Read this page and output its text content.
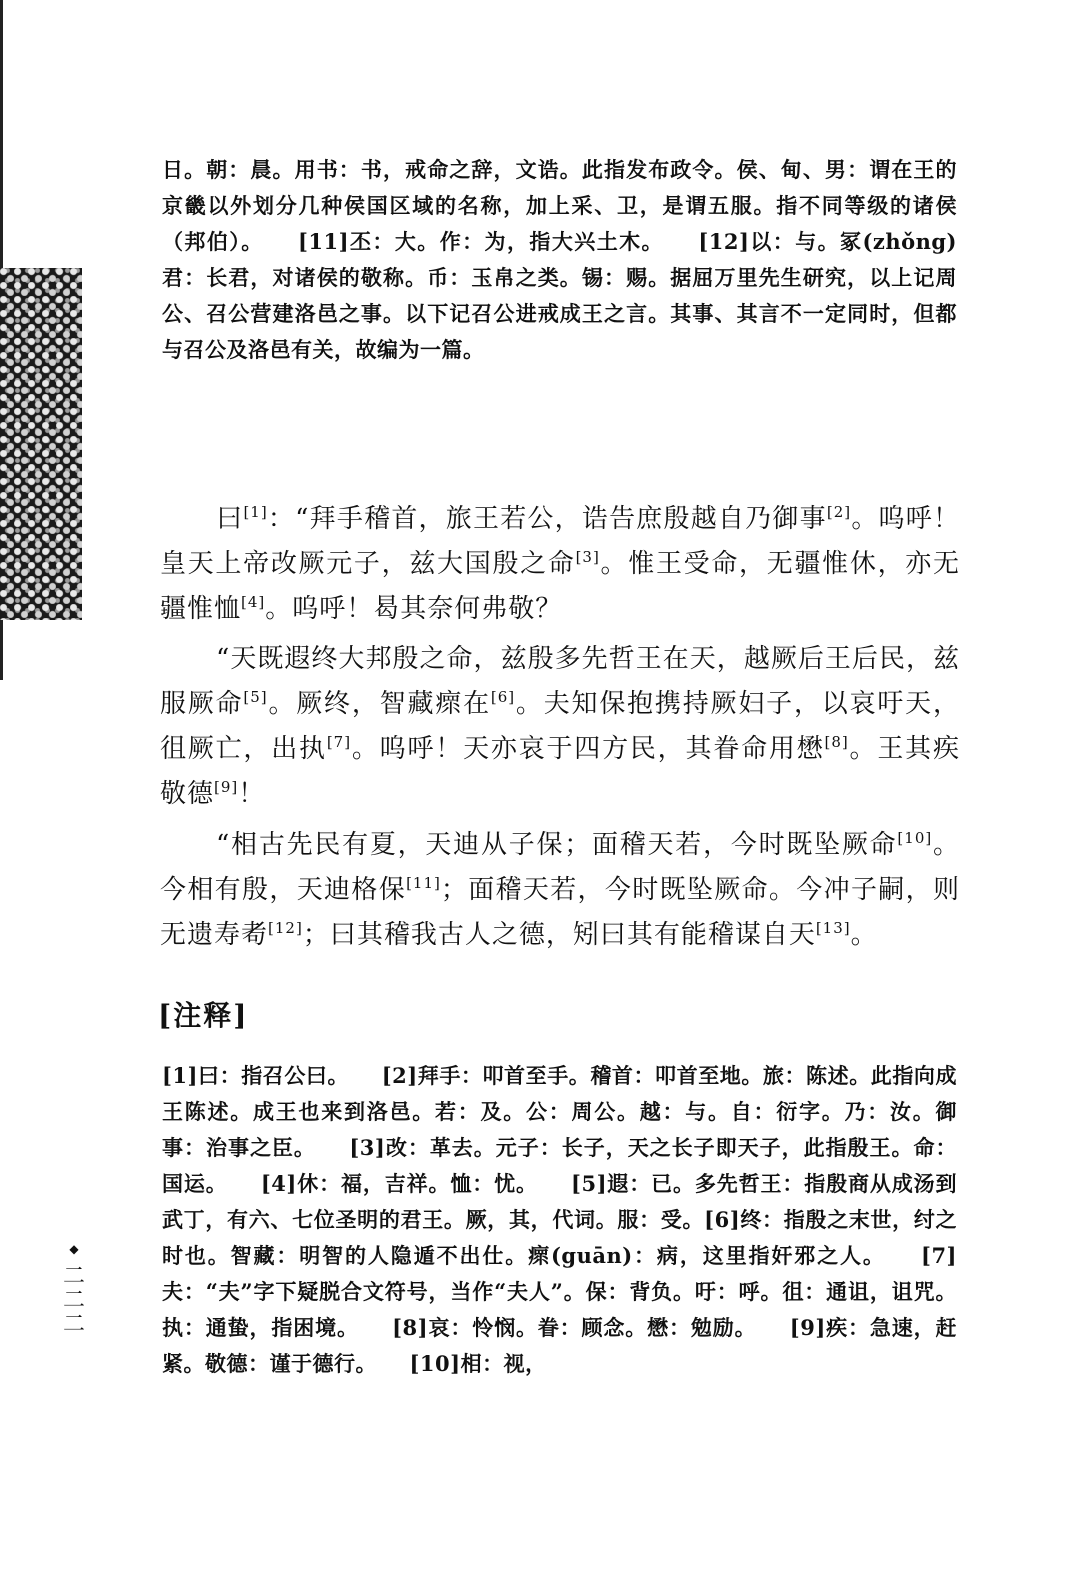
日。朝：晨。用书：书，戒命之辞，文诰。此指发布政令。侯、甸、男：谓在王的京畿以外划分几种侯国区域的名称，加上采、卫，是谓五服。指不同等级的诸侯（邦伯）。　　[11]丕：大。作：为，指大兴土木。　　[12]以：与。冢(zhǒng)君：长君，对诸侯的敬称。币：玉帛之类。锡：赐。据屈万里先生研究，以上记周公、召公营建洛邑之事。以下记召公进戒成王之言。其事、其言不一定同时，但都与召公及洛邑有关，故编为一篇。
曰[1]：“拜手稽首，旅王若公，诰告庶殷越自乃御事[2]。呜呼！皇天上帝改厥元子，兹大国殷之命[3]。惟王受命，无疆惟休，亦无疆惟恤[4]。呜呼！曷其奈何弗敬？
“天既遐终大邦殷之命，兹殷多先哲王在天，越厥后王后民，兹服厥命[5]。厥终，智藏瘝在[6]。夫知保抱携持厥妇子，以哀吁天，徂厥亡，出执[7]。呜呼！天亦哀于四方民，其眷命用懋[8]。王其疾敬德[9]！
“相古先民有夏，天迪从子保；面稽天若，今时既坠厥命[10]。今相有殷，天迪格保[11]；面稽天若，今时既坠厥命。今冲子嗣，则无遗寿耇[12]；曰其稽我古人之德，矧曰其有能稽谋自天[13]。
[注释]
[1]曰：指召公曰。　　[2]拜手：叩首至手。稽首：叩首至地。旅：陈述。此指向成王陈述。成王也来到洛邑。若：及。公：周公。越：与。自：衍字。乃：汝。御事：治事之臣。　　[3]改：革去。元子：长子，天之长子即天子，此指殷王。命：国运。　　[4]休：福，吉祥。恤：忧。　　[5]遐：已。多先哲王：指殷商从成汤到武丁，有六、七位圣明的君王。厥，其，代词。服：受。[6]终：指殷之末世，纣之时也。智藏：明智的人隐遁不出仕。瘝(guān)：病，这里指奸邪之人。　　[7]夫：“夫”字下疑脱合文符号，当作“夫人”。保：背负。吁：呼。徂：通诅，诅咒。执：通蛰，指困境。　　[8]哀：怜悯。眷：顾念。懋：勉励。　　[9]疾：急速，赶紧。敬德：谨于德行。　　[10]相：视，
◆
二
二
二
